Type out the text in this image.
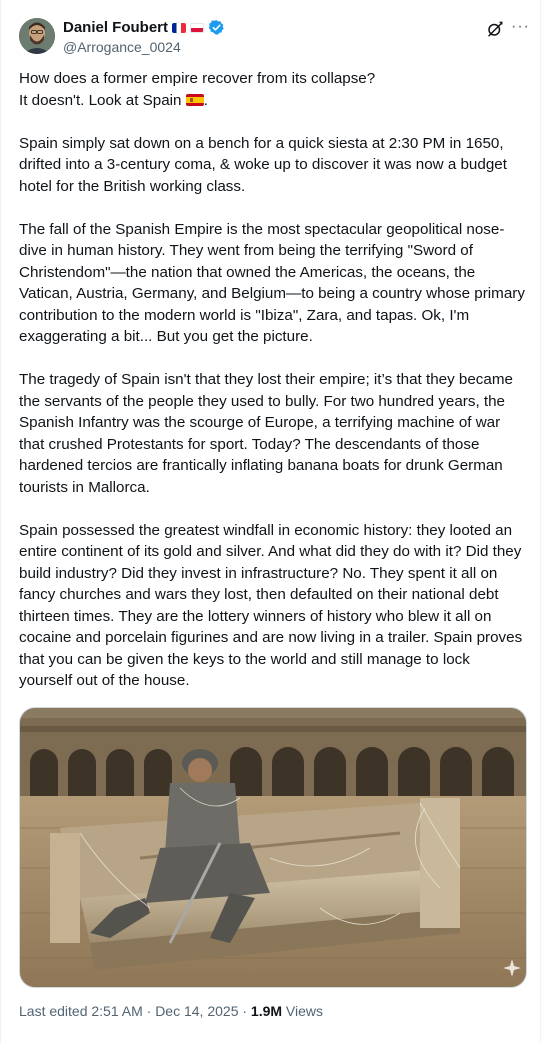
Daniel Foubert
@Arrogance_0024
···

How does a former empire recover from its collapse?
It doesn't. Look at Spain .

Spain simply sat down on a bench for a quick siesta at 2:30 PM in 1650, drifted into a 3-century coma, & woke up to discover it was now a budget hotel for the British working class.

The fall of the Spanish Empire is the most spectacular geopolitical nose-dive in human history. They went from being the terrifying "Sword of Christendom"—the nation that owned the Americas, the oceans, the Vatican, Austria, Germany, and Belgium—to being a country whose primary contribution to the modern world is "Ibiza", Zara, and tapas. Ok, I'm exaggerating a bit... But you get the picture.

The tragedy of Spain isn't that they lost their empire; it’s that they became the servants of the people they used to bully. For two hundred years, the Spanish Infantry was the scourge of Europe, a terrifying machine of war that crushed Protestants for sport. Today? The descendants of those hardened tercios are frantically inflating banana boats for drunk German tourists in Mallorca.

Spain possessed the greatest windfall in economic history: they looted an entire continent of its gold and silver. And what did they do with it? Did they build industry? Did they invest in infrastructure? No. They spent it all on fancy churches and wars they lost, then defaulted on their national debt thirteen times. They are the lottery winners of history who blew it all on cocaine and porcelain figurines and are now living in a trailer. Spain proves that you can be given the keys to the world and still manage to lock yourself out of the house.

Last edited 2:51 AM · Dec 14, 2025 · 1.9M Views
